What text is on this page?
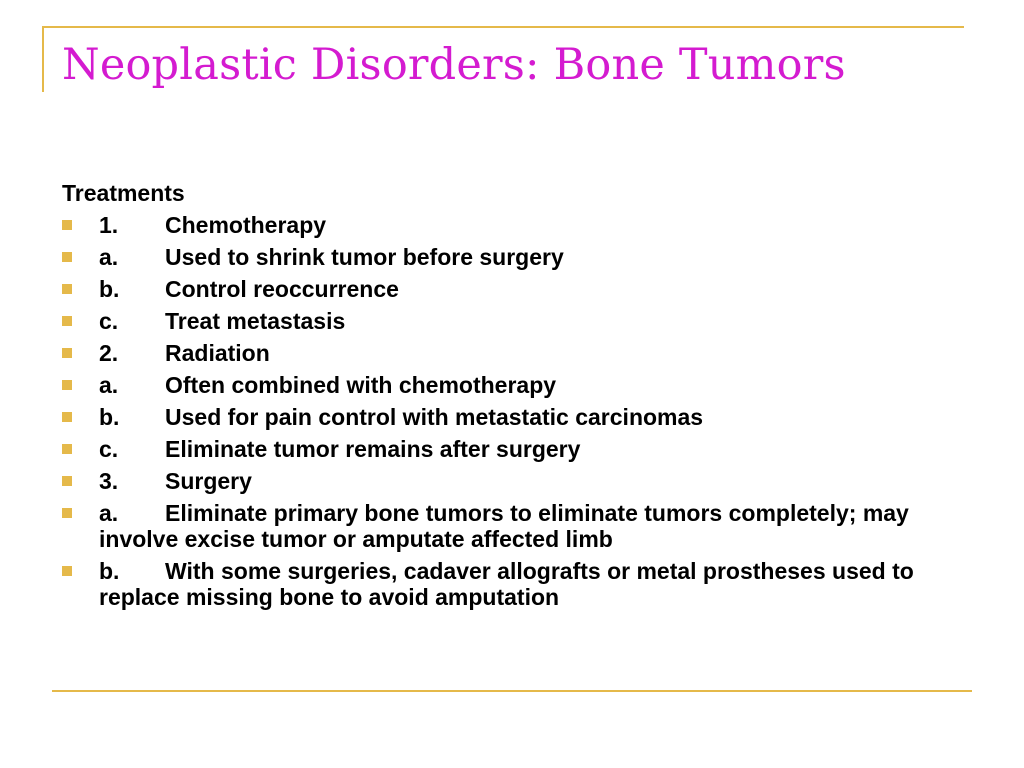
Neoplastic Disorders: Bone Tumors
Treatments
1. Chemotherapy
a. Used to shrink tumor before surgery
b. Control reoccurrence
c. Treat metastasis
2. Radiation
a. Often combined with chemotherapy
b. Used for pain control with metastatic carcinomas
c. Eliminate tumor remains after surgery
3. Surgery
a. Eliminate primary bone tumors to eliminate tumors completely; may involve excise tumor or amputate affected limb
b. With some surgeries, cadaver allografts or metal prostheses used to replace missing bone to avoid amputation
